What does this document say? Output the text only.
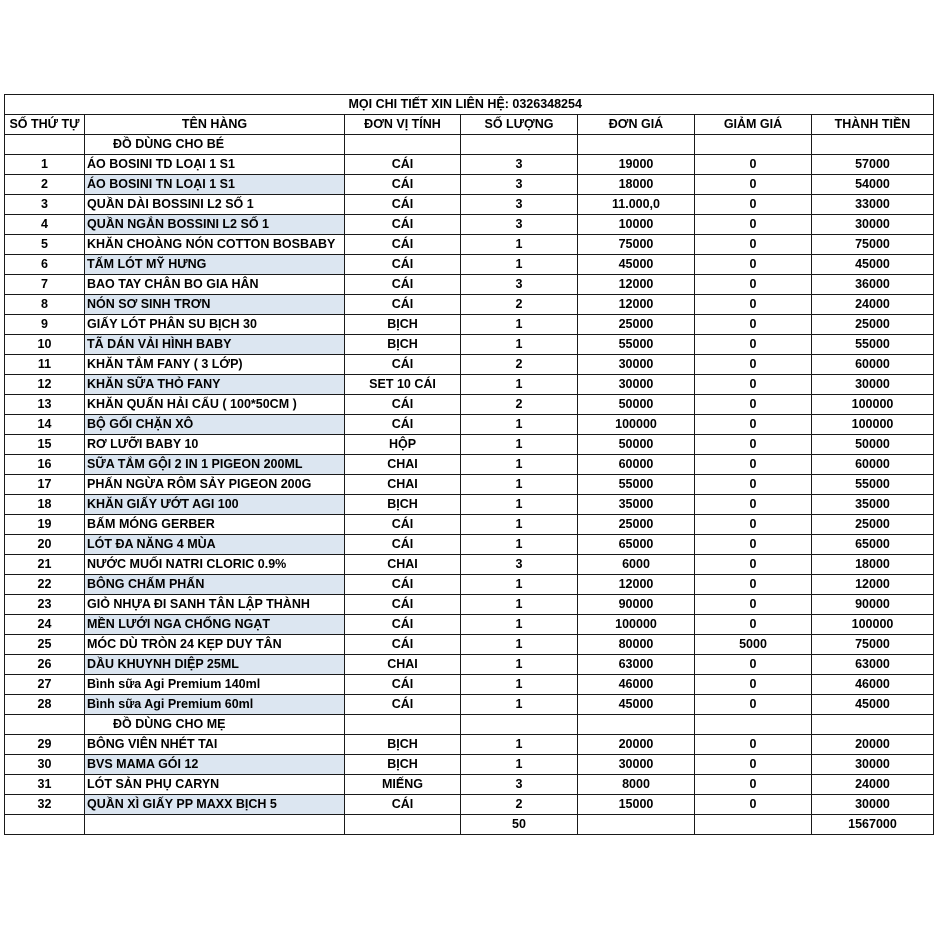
		MỌI CHI TIẾT XIN LIÊN HỆ: 0326348254				
SỐ THỨ TỰ	TÊN HÀNG	ĐƠN VỊ TÍNH	SỐ LƯỢNG	ĐƠN GIÁ	GIẢM GIÁ	THÀNH TIỀN
	ĐỒ DÙNG CHO BÉ					
1	ÁO BOSINI TD LOẠI 1 S1	CÁI	3	19000	0	57000
2	ÁO BOSINI TN LOẠI 1 S1	CÁI	3	18000	0	54000
3	QUẦN DÀI BOSSINI L2 SỐ 1	CÁI	3	11.000,0	0	33000
4	QUẦN NGẮN BOSSINI L2 SỐ 1	CÁI	3	10000	0	30000
5	KHĂN CHOÀNG NÓN COTTON BOSBABY	CÁI	1	75000	0	75000
6	TẤM LÓT MỸ HƯNG	CÁI	1	45000	0	45000
7	BAO TAY CHÂN BO GIA HÂN	CÁI	3	12000	0	36000
8	NÓN SƠ SINH TRƠN	CÁI	2	12000	0	24000
9	GIẤY LÓT PHÂN SU BỊCH 30	BỊCH	1	25000	0	25000
10	TÃ DÁN VẢI HÌNH BABY	BỊCH	1	55000	0	55000
11	KHĂN TẮM FANY ( 3 LỚP)	CÁI	2	30000	0	60000
12	KHĂN SỮA THỎ FANY	SET 10 CÁI	1	30000	0	30000
13	KHĂN QUẤN HẢI CẨU ( 100*50CM )	CÁI	2	50000	0	100000
14	BỘ GỐI CHẶN XÔ	CÁI	1	100000	0	100000
15	RƠ LƯỠI BABY 10	HỘP	1	50000	0	50000
16	SỮA TẮM GỘI 2 IN 1 PIGEON 200ML	CHAI	1	60000	0	60000
17	PHẤN NGỪA RÔM SẢY PIGEON 200G	CHAI	1	55000	0	55000
18	KHĂN GIẤY ƯỚT AGI 100	BỊCH	1	35000	0	35000
19	BẤM MÓNG GERBER	CÁI	1	25000	0	25000
20	LÓT ĐA NĂNG 4 MÙA	CÁI	1	65000	0	65000
21	NƯỚC MUỐI NATRI CLORIC 0.9%	CHAI	3	6000	0	18000
22	BÔNG CHẤM PHẤN	CÁI	1	12000	0	12000
23	GIỎ NHỰA ĐI SANH TÂN LẬP THÀNH	CÁI	1	90000	0	90000
24	MỀN LƯỚI NGA CHỐNG NGẠT	CÁI	1	100000	0	100000
25	MÓC DÙ TRÒN 24 KẸP DUY TÂN	CÁI	1	80000	5000	75000
26	DẦU KHUYNH DIỆP 25ML	CHAI	1	63000	0	63000
27	Bình sữa Agi Premium 140ml	CÁI	1	46000	0	46000
28	Bình sữa Agi Premium 60ml	CÁI	1	45000	0	45000
	ĐỒ DÙNG CHO MẸ					
29	BÔNG VIÊN NHÉT TAI	BỊCH	1	20000	0	20000
30	BVS MAMA GÓI 12	BỊCH	1	30000	0	30000
31	LÓT SẢN PHỤ CARYN	MIẾNG	3	8000	0	24000
32	QUẦN XÌ GIẤY PP MAXX BỊCH 5	CÁI	2	15000	0	30000
			50			1567000
